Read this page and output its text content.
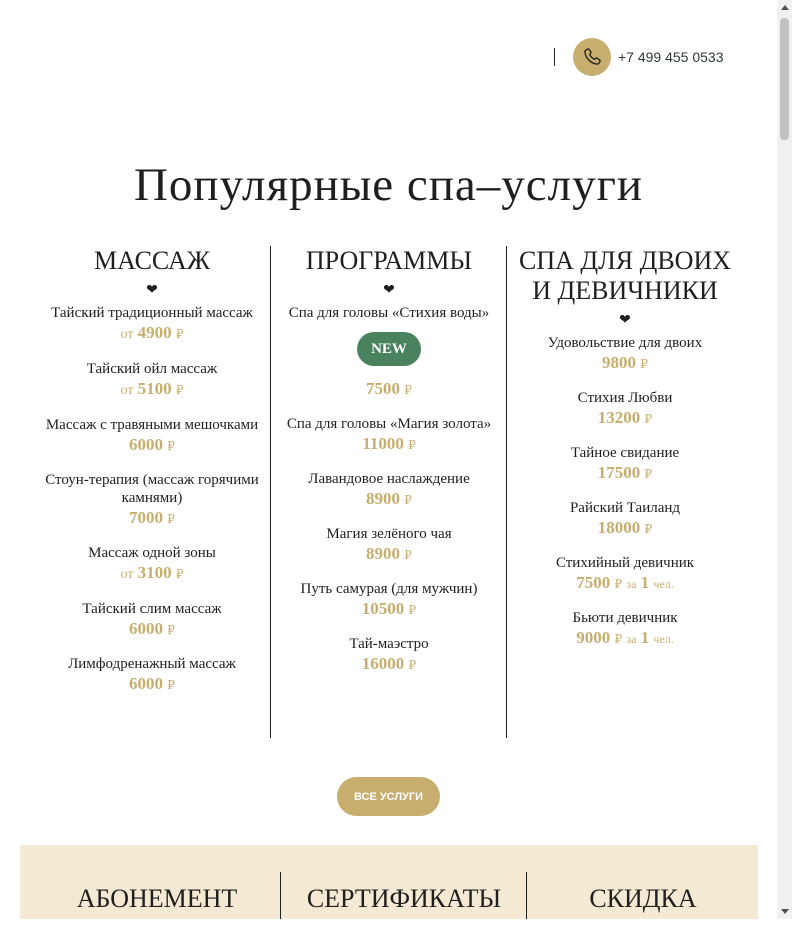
+7 499 455 0533
Популярные спа–услуги
МАССАЖ
❤
Тайский традиционный массаж
от 4900 ₽
Тайский ойл массаж
от 5100 ₽
Массаж с травяными мешочками
6000 ₽
Стоун-терапия (массаж горячими камнями)
7000 ₽
Массаж одной зоны
от 3100 ₽
Тайский слим массаж
6000 ₽
Лимфодренажный массаж
6000 ₽
ПРОГРАММЫ
❤
Спа для головы «Стихия воды»
NEW
7500 ₽
Спа для головы «Магия золота»
11000 ₽
Лавандовое наслаждение
8900 ₽
Магия зелёного чая
8900 ₽
Путь самурая (для мужчин)
10500 ₽
Тай-маэстро
16000 ₽
СПА ДЛЯ ДВОИХ И ДЕВИЧНИКИ
❤
Удовольствие для двоих
9800 ₽
Стихия Любви
13200 ₽
Тайное свидание
17500 ₽
Райский Таиланд
18000 ₽
Стихийный девичник
7500 ₽ за 1 чел.
Бьюти девичник
9000 ₽ за 1 чел.
ВСЕ УСЛУГИ
АБОНЕМЕНТ	СЕРТИФИКАТЫ	СКИДКА
